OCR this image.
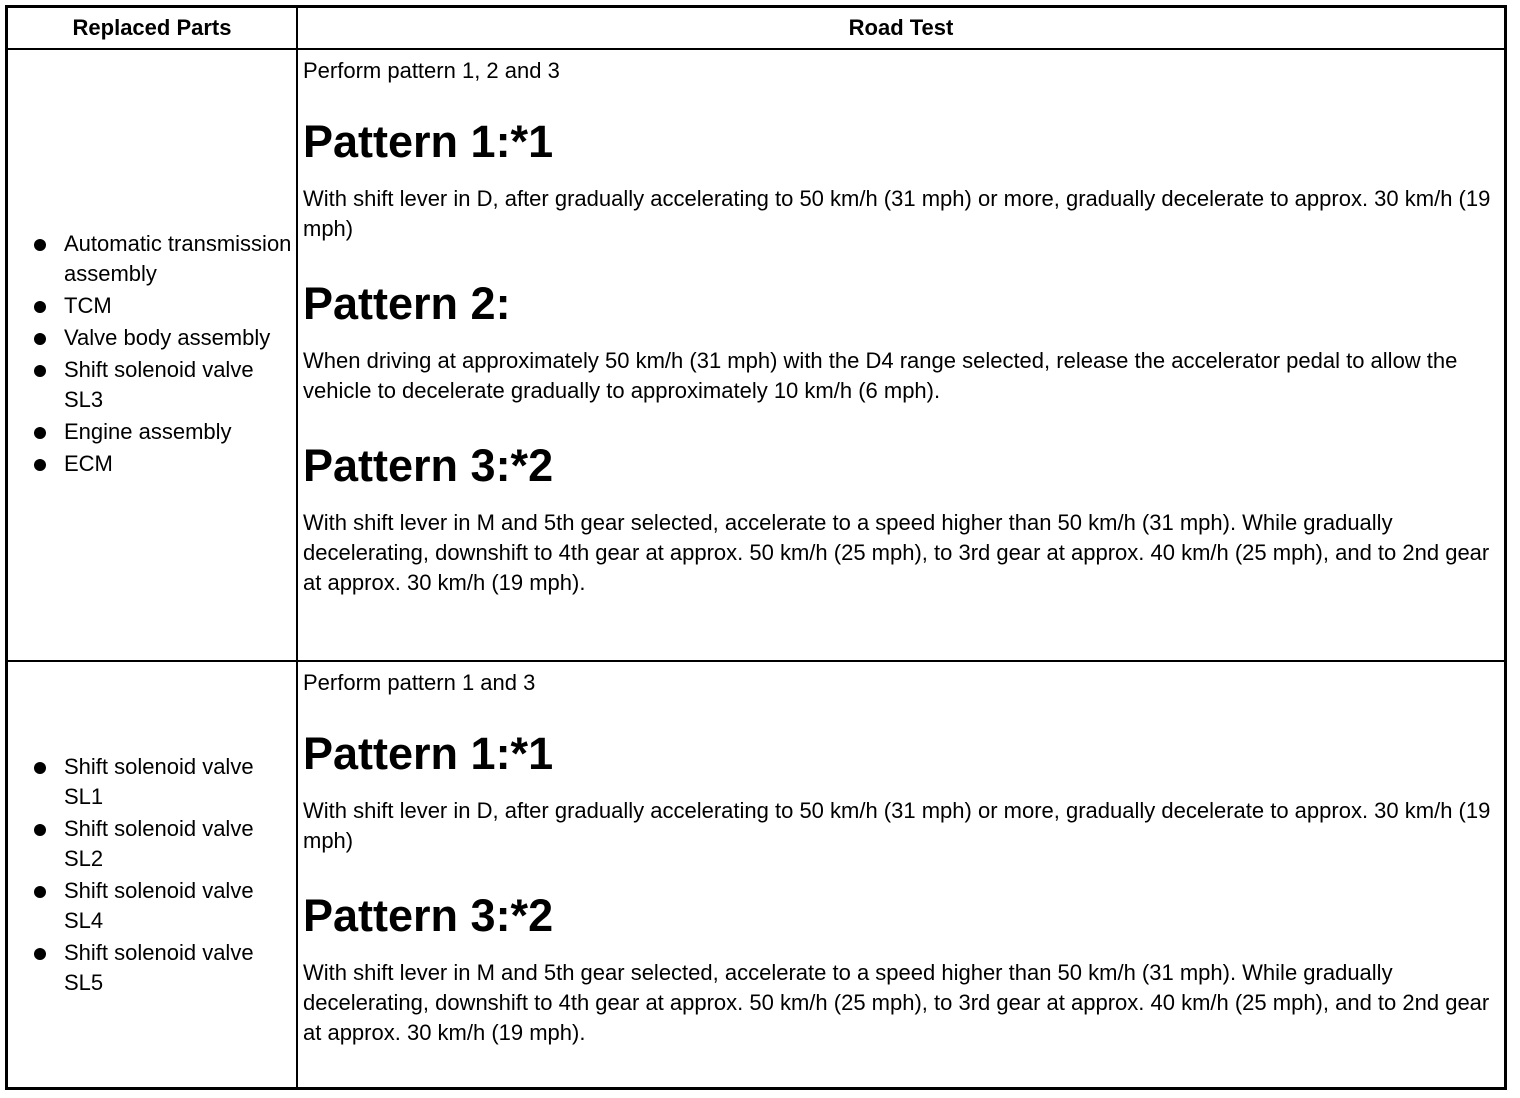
Replaced Parts	Road Test
Automatic transmission assembly
TCM
Valve body assembly
Shift solenoid valve SL3
Engine assembly
ECM

Perform pattern 1, 2 and 3

Pattern 1:*1

With shift lever in D, after gradually accelerating to 50 km/h (31 mph) or more, gradually decelerate to approx. 30 km/h (19 mph)

Pattern 2:

When driving at approximately 50 km/h (31 mph) with the D4 range selected, release the accelerator pedal to allow the vehicle to decelerate gradually to approximately 10 km/h (6 mph).

Pattern 3:*2

With shift lever in M and 5th gear selected, accelerate to a speed higher than 50 km/h (31 mph). While gradually decelerating, downshift to 4th gear at approx. 50 km/h (25 mph), to 3rd gear at approx. 40 km/h (25 mph), and to 2nd gear at approx. 30 km/h (19 mph).

Shift solenoid valve SL1
Shift solenoid valve SL2
Shift solenoid valve SL4
Shift solenoid valve SL5

Perform pattern 1 and 3

Pattern 1:*1

With shift lever in D, after gradually accelerating to 50 km/h (31 mph) or more, gradually decelerate to approx. 30 km/h (19 mph)

Pattern 3:*2

With shift lever in M and 5th gear selected, accelerate to a speed higher than 50 km/h (31 mph). While gradually decelerating, downshift to 4th gear at approx. 50 km/h (25 mph), to 3rd gear at approx. 40 km/h (25 mph), and to 2nd gear at approx. 30 km/h (19 mph).
